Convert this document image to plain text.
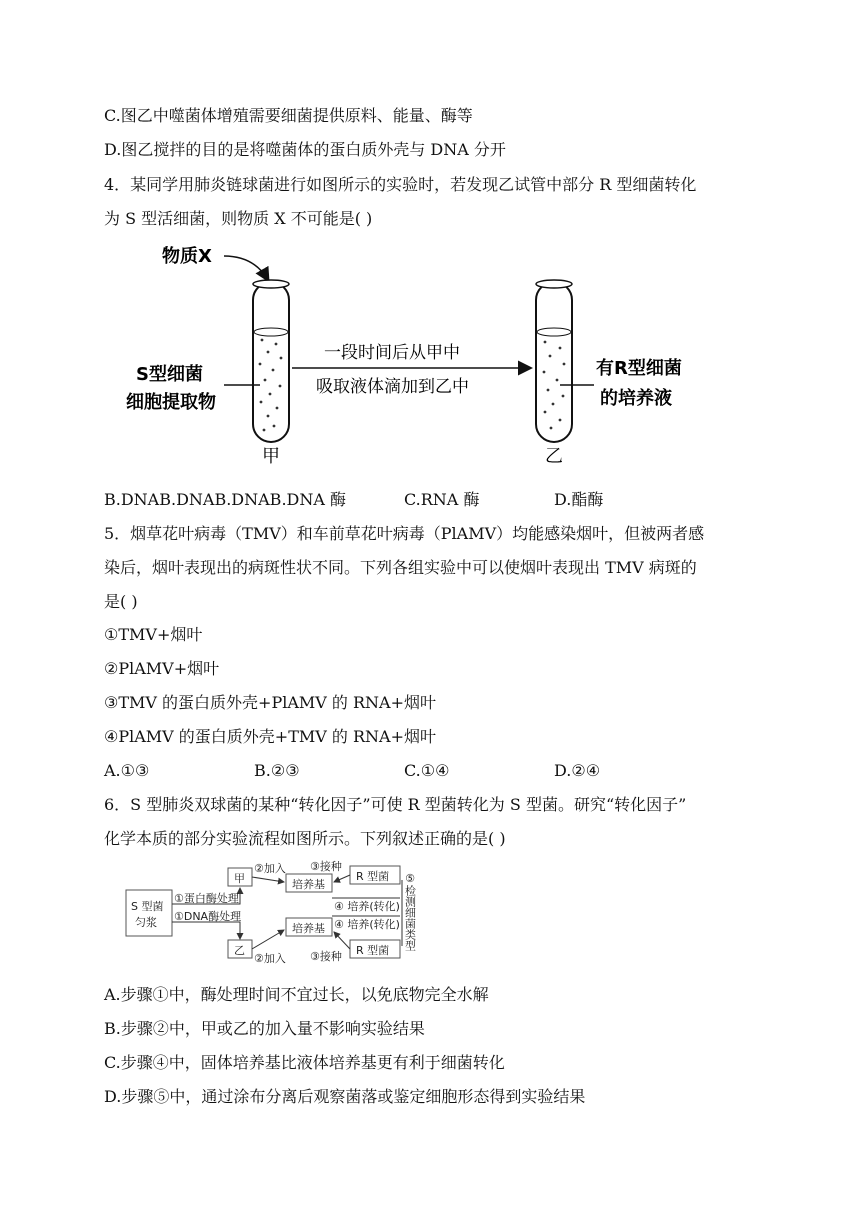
C.图乙中噬菌体增殖需要细菌提供原料、能量、酶等
D.图乙搅拌的目的是将噬菌体的蛋白质外壳与 DNA 分开
4．某同学用肺炎链球菌进行如图所示的实验时，若发现乙试管中部分 R 型细菌转化
为 S 型活细菌，则物质 X 不可能是( )
物质X
S型细菌
细胞提取物
一段时间后从甲中
吸取液体滴加到乙中
有R型细菌
的培养液
甲	乙
B.DNAB.DNAB.DNAB.DNA 酶	C.RNA 酶	D.酯酶
5．烟草花叶病毒（TMV）和车前草花叶病毒（PlAMV）均能感染烟叶，但被两者感
染后，烟叶表现出的病斑性状不同。下列各组实验中可以使烟叶表现出 TMV 病斑的
是( )
①TMV+烟叶
②PlAMV+烟叶
③TMV 的蛋白质外壳+PlAMV 的 RNA+烟叶
④PlAMV 的蛋白质外壳+TMV 的 RNA+烟叶
A.①③	B.②③	C.①④	D.②④
6．S 型肺炎双球菌的某种“转化因子”可使 R 型菌转化为 S 型菌。研究“转化因子”
化学本质的部分实验流程如图所示。下列叙述正确的是( )
S 型菌
匀浆
①蛋白酶处理
①DNA酶处理
甲
乙
②加入
②加入
培养基
培养基
③接种
③接种
R 型菌
R 型菌
④ 培养(转化)
④ 培养(转化) ⑤检测细菌类型
A.步骤①中，酶处理时间不宜过长，以免底物完全水解
B.步骤②中，甲或乙的加入量不影响实验结果
C.步骤④中，固体培养基比液体培养基更有利于细菌转化
D.步骤⑤中，通过涂布分离后观察菌落或鉴定细胞形态得到实验结果
